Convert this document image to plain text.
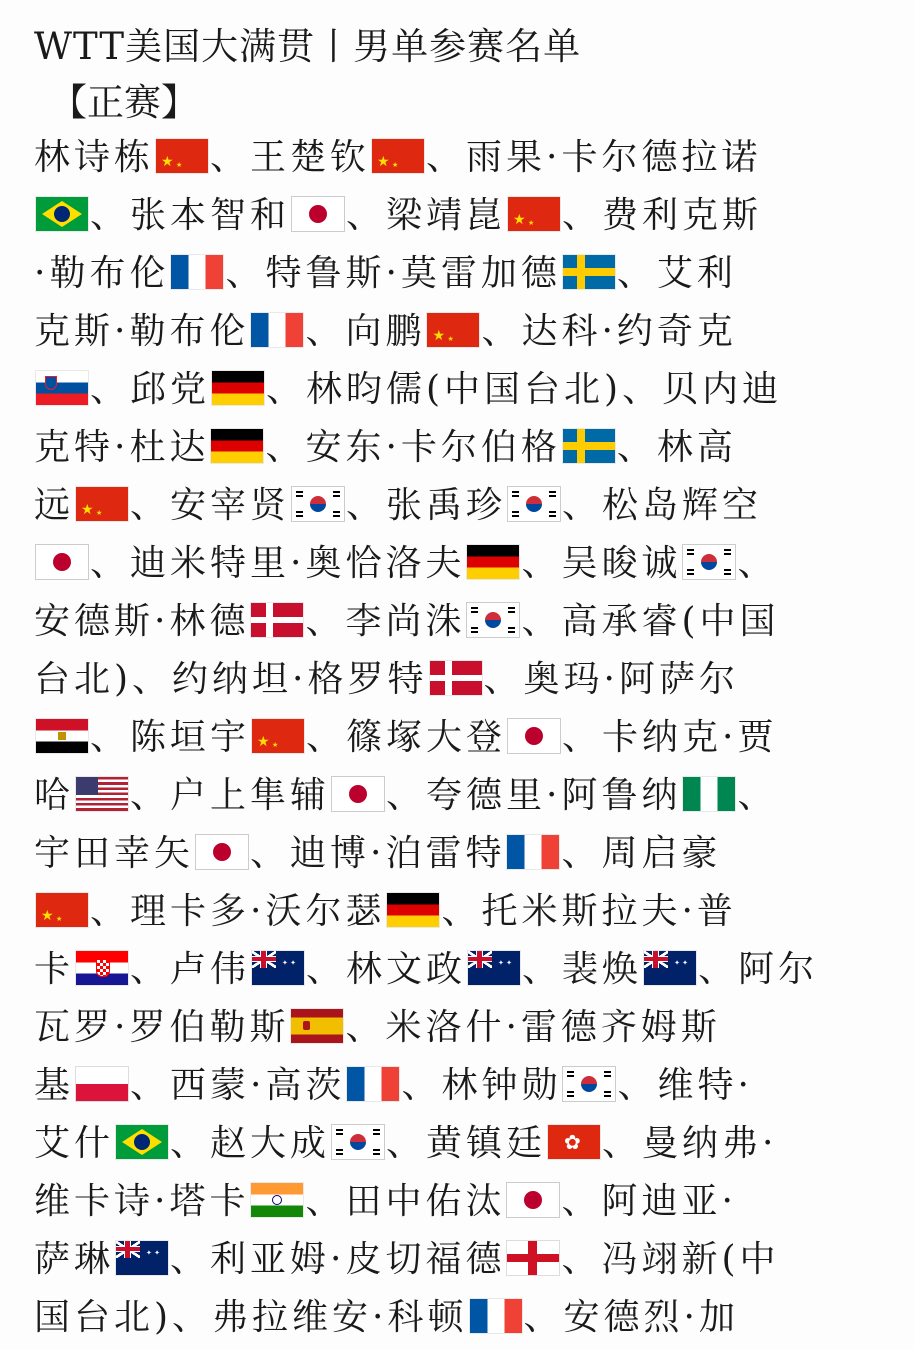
WTT美国大满贯丨男单参赛名单
【正赛】
林诗栋 ★ ★ 、王楚钦 ★ ★ 、雨果·卡尔德拉诺
、张本智和 、梁靖崑 ★ ★ 、费利克斯
·勒布伦 、特鲁斯·莫雷加德 、艾利
克斯·勒布伦 、向鹏 ★ ★ 、达科·约奇克
、邱党 、林昀儒(中国台北)、贝内迪
克特·杜达 、安东·卡尔伯格 、林高
远 ★ ★ 、安宰贤 、张禹珍 、松岛辉空
、迪米特里·奥恰洛夫 、吴晙诚 、
安德斯·林德 、李尚洙 、高承睿(中国
台北)、约纳坦·格罗特 、奥玛·阿萨尔
、陈垣宇 ★ ★ 、篠塚大登 、卡纳克·贾
哈 、户上隼辅 、夸德里·阿鲁纳 、
宇田幸矢 、迪博·泊雷特 、周启豪
★ ★、理卡多·沃尔瑟 、托米斯拉夫·普
卡 、卢伟 ✦ ✦ 、林文政 ✦ ✦ 、裴焕 ✦ ✦ 、阿尔
瓦罗·罗伯勒斯 、米洛什·雷德齐姆斯
基 、西蒙·高茨 、林钟勋 、维特·
艾什 、赵大成 、黄镇廷 ✿ 、曼纳弗·
维卡诗·塔卡 、田中佑汰 、阿迪亚·
萨琳 ✦ ✦ 、利亚姆·皮切福德 、冯翊新(中
国台北)、弗拉维安·科顿 、安德烈·加
